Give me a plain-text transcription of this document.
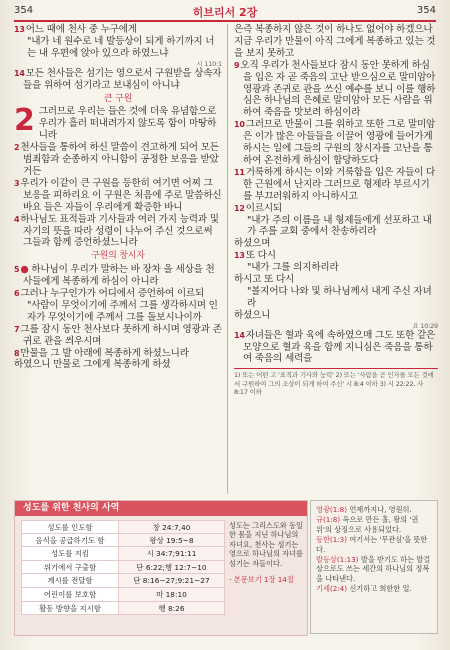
354	히브리서 2장	354

13어느 때에 천사 중 누구에게

"내가 네 원수로 네 발등상이 되게 하기까지 너는 내 우편에 앉아 있으라 하였느냐

시 110:1

14모든 천사들은 섬기는 영으로서 구원받을 상속자들을 위하여 섬기라고 보내심이 아니냐

큰 구원

2 그러므로 우리는 들은 것에 더욱 유념함으로 우리가 흘러 떠내려가지 않도록 함이 마땅하니라

2천사들을 통하여 하신 말씀이 견고하게 되어 모든 범죄함과 순종하지 아니함이 공정한 보응을 받았거든

3우리가 이같이 큰 구원을 등한히 여기면 어찌 그 보응을 피하리요 이 구원은 처음에 주로 말씀하신 바요 들은 자들이 우리에게 확증한 바니

4하나님도 표적들과 기사들과 여러 가지 능력과 및 자기의 뜻을 따라 성령이 나누어 주신 것으로써 그들과 함께 증언하셨느니라

구원의 창시자

5● 하나님이 우리가 말하는 바 장차 올 세상을 천사들에게 복종하게 하심이 아니라

6그러나 누구인가가 어디에서 증언하여 이르되

"사람이 무엇이기에 주께서 그를 생각하시며 인자가 무엇이기에 주께서 그를 돌보시나이까

7그를 잠시 동안 천사보다 못하게 하시며 영광과 존귀로 관을 씌우시며

8만물을 그 발 아래에 복종하게 하셨느니라

하였으니 만물로 그에게 복종하게 하셨

은즉 복종하지 않은 것이 하나도 없어야 하겠으나 지금 우리가 만물이 아직 그에게 복종하고 있는 것을 보지 못하고

9오직 우리가 천사들보다 잠시 동안 못하게 하심을 입은 자 곧 죽음의 고난 받으심으로 말미암아 영광과 존귀로 관을 쓰신 예수를 보니 이를 행하심은 하나님의 은혜로 말미암아 모든 사람을 위하여 죽음을 맛보려 하심이라

10그러므로 만물이 그를 위하고 또한 그로 말미암은 이가 많은 아들들을 이끌어 영광에 들어가게 하시는 일에 그들의 구원의 창시자를 고난을 통하여 온전하게 하심이 합당하도다

11거룩하게 하시는 이와 거룩함을 입은 자들이 다 한 근원에서 난지라 그러므로 형제라 부르시기를 부끄러워하지 아니하시고

12이르시되

"내가 주의 이름을 내 형제들에게 선포하고 내가 주를 교회 중에서 찬송하리라

하셨으며

13또 다시

"내가 그를 의지하리라

하시고 또 다시

"볼지어다 나와 및 하나님께서 내게 주신 자녀라

하셨으니

요 10:29

14자녀들은 혈과 육에 속하였으매 그도 또한 같은 모양으로 혈과 육을 함께 지니심은 죽음을 통하여 죽음의 세력을

1) 또는 어떤 고 '표적과 기사와 능력' 2) 또는 '사람을 곧 인자를 모든 것에서 구원하여 그의 조상이 되게 하여 주신' 시 8:4 이하 3) 시 22:22, 사 8:17 이하
성도를 위한 천사의 사역
성도를 인도함	창 24:7,40
음식을 공급하기도 함	왕상 19:5~8
성도를 지킴	시 34:7;91:11
위기에서 구출함	단 6:22;행 12:7~10
계시를 전달함	단 8:16~27;9:21~27
어린이를 보호함	마 18:10
활동 방향을 지시함	행 8:26
성도는 그리스도와 동일한 몸을 지닌 하나님의 자녀요, 천사는 섬기는 영으로 하나님의 자녀를 섬기는 자들이다.
- 본문보기 1장 14절
영광(1:8) 언제까지나, 영원히.
규(1:8) 옥으로 만든 홀, 왕의 '권위'의 상징으로 사용되었다.
등한(1:3) 여기서는 '무관심'을 뜻한다.
발등상(1:13) 발을 받기도 하는 발걸상으로도 쓰는 세간의 하나님의 정복을 나타낸다.
기세(2:4) 신기하고 희한한 일.
